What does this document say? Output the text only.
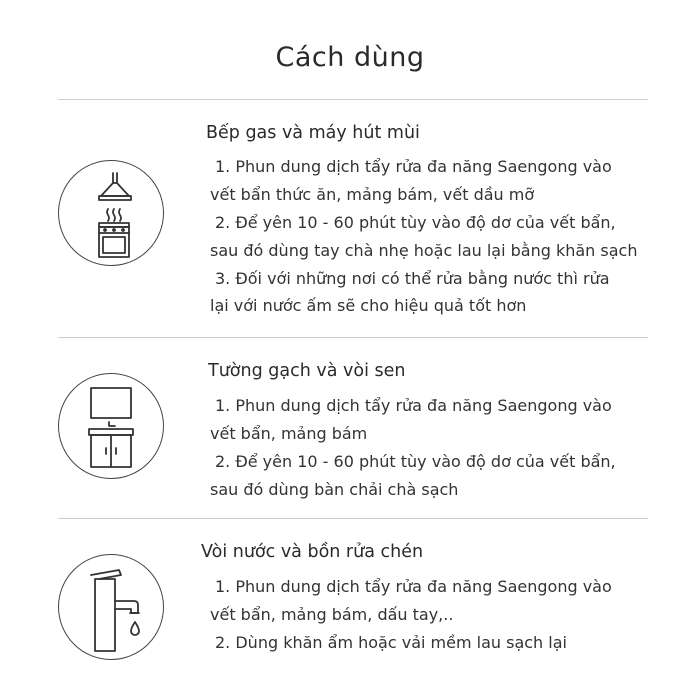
Cách dùng
Bếp gas và máy hút mùi
1. Phun dung dịch tẩy rửa đa năng Saengong vào
vết bẩn thức ăn, mảng bám, vết dầu mỡ
2. Để yên 10 - 60 phút tùy vào độ dơ của vết bẩn,
sau đó dùng tay chà nhẹ hoặc lau lại bằng khăn sạch
3. Đối với những nơi có thể rửa bằng nước thì rửa
lại với nước ấm sẽ cho hiệu quả tốt hơn
Tường gạch và vòi sen
1. Phun dung dịch tẩy rửa đa năng Saengong vào
vết bẩn, mảng bám
2. Để yên 10 - 60 phút tùy vào độ dơ của vết bẩn,
sau đó dùng bàn chải chà sạch
Vòi nước và bồn rửa chén
1. Phun dung dịch tẩy rửa đa năng Saengong vào
vết bẩn, mảng bám, dấu tay,..
2. Dùng khăn ẩm hoặc vải mềm lau sạch lại
